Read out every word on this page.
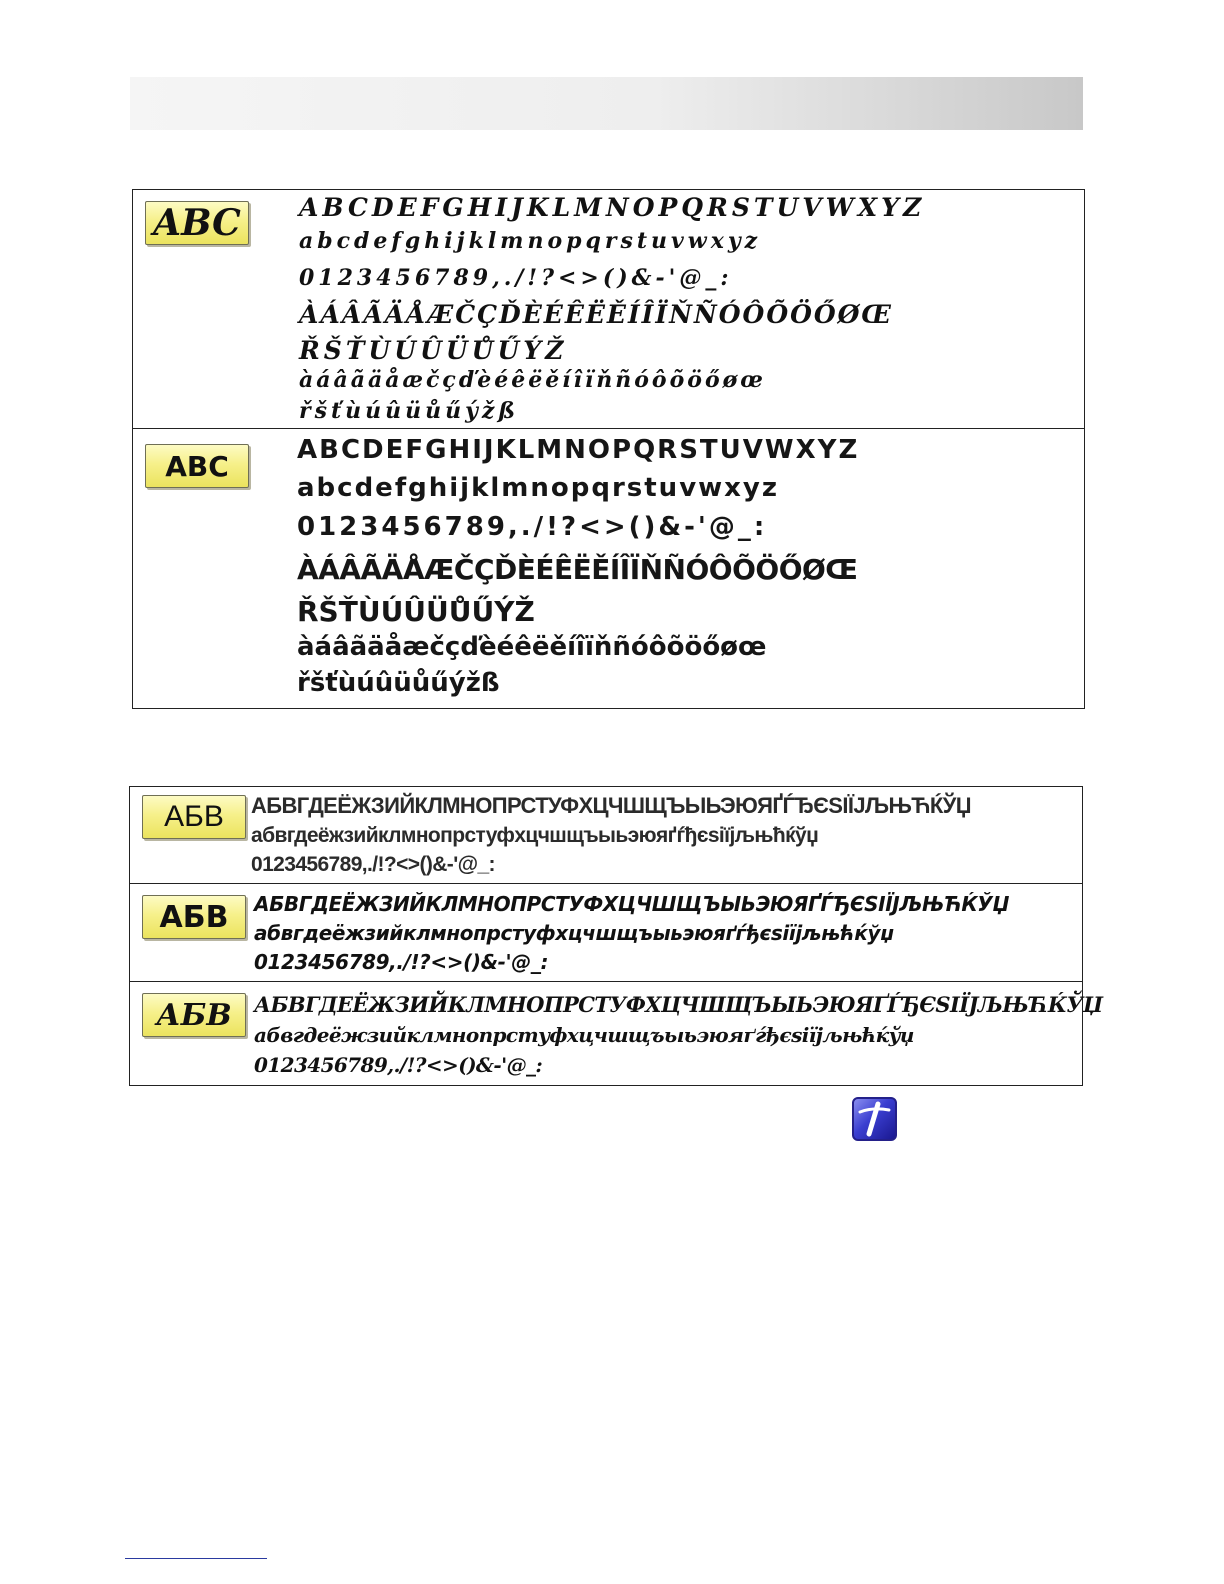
ABC	ABCDEFGHIJKLMNOPQRSTUVWXYZ
abcdefghijklmnopqrstuvwxyz
0123456789,./!?<>()&-'@_:
ÀÁÂÃÄÅÆČÇĎÈÉÊËĚÍÎÏŇÑÓÔÕÖŐØŒ
ŘŠŤÙÚÛÜŮŰÝŽ
àáâãäåæčçďèéêëěíîïňñóôõöőøœ
řšťùúûüůűýžß
ABC	ABCDEFGHIJKLMNOPQRSTUVWXYZ
abcdefghijklmnopqrstuvwxyz
0123456789,./!?<>()&-'@_:
ÀÁÂÃÄÅÆČÇĎÈÉÊËĚÍÎÏŇÑÓÔÕÖŐØŒ
ŘŠŤÙÚÛÜŮŰÝŽ
àáâãäåæčçďèéêëěíîïňñóôõöőøœ
řšťùúûüůűýžß
АБВ	АБВГДЕЁЖЗИЙКЛМНОПРСТУФХЦЧШЩЪЫЬЭЮЯҐЃЂЄЅІЇЈЉЊЋЌЎЏ
абвгдеёжзийклмнопрстуфхцчшщъыьэюяґѓђєѕіїјљњћќўџ
0123456789,./!?<>()&-'@_:
АБВ	АБВГДЕЁЖЗИЙКЛМНОПРСТУФХЦЧШЩЪЫЬЭЮЯҐЃЂЄЅІЇЈЉЊЋЌЎЏ
абвгдеёжзийклмнопрстуфхцчшщъыьэюяґѓђєѕіїјљњћќўџ
0123456789,./!?<>()&-'@_:
АБВ	АБВГДЕЁЖЗИЙКЛМНОПРСТУФХЦЧШЩЪЫЬЭЮЯҐЃЂЄЅІЇЈЉЊЋЌЎЏ
абвгдеёжзийклмнопрстуфхцчшщъыьэюяґѓђєѕіїјљњћќўџ
0123456789,./!?<>()&-'@_:
